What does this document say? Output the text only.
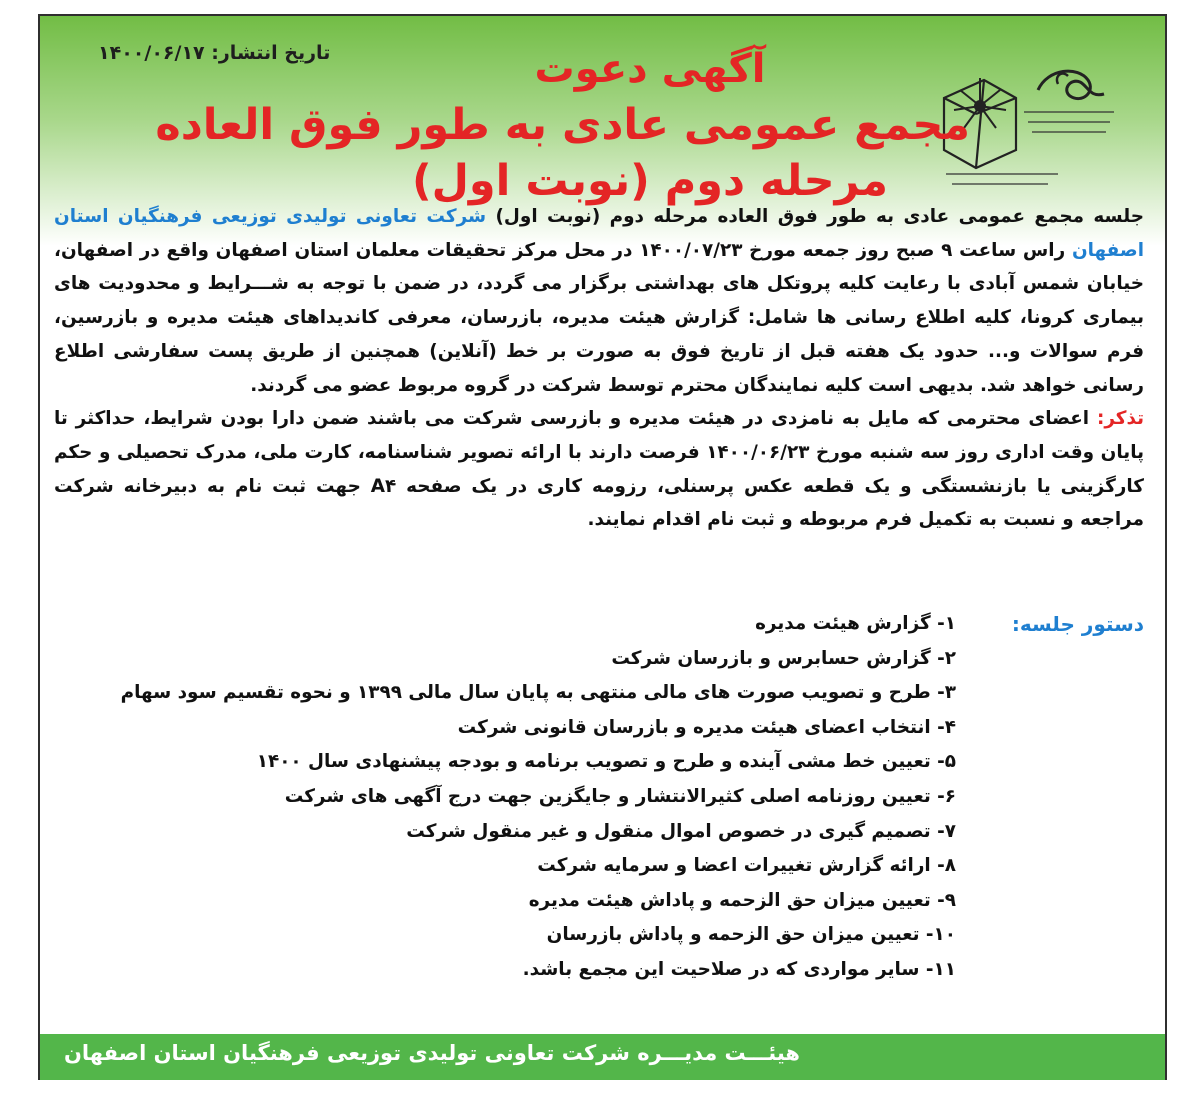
تاریخ انتشار: ۱۴۰۰/۰۶/۱۷	آگهی دعوت
مجمع عمومی عادی به طور فوق العاده
مرحله دوم (نوبت اول)

جلسه مجمع عمومی عادی به طور فوق العاده مرحله دوم (نوبت اول) شرکت تعاونی تولیدی توزیعی فرهنگیان استان اصفهان راس ساعت ۹ صبح روز جمعه مورخ ۱۴۰۰/۰۷/۲۳ در محل مرکز تحقیقات معلمان استان اصفهان واقع در اصفهان، خیابان شمس آبادی با رعایت کلیه پروتکل های بهداشتی برگزار می گردد، در ضمن با توجه به شـــرایط و محدودیت های بیماری کرونا، کلیه اطلاع رسانی ها شامل: گزارش هیئت مدیره، بازرسان، معرفی کاندیداهای هیئت مدیره و بازرسین، فرم سوالات و... حدود یک هفته قبل از تاریخ فوق به صورت بر خط (آنلاین) همچنین از طریق پست سفارشی اطلاع رسانی خواهد شد. بدیهی است کلیه نمایندگان محترم توسط شرکت در گروه مربوط عضو می گردند.
تذکر: اعضای محترمی که مایل به نامزدی در هیئت مدیره و بازرسی شرکت می باشند ضمن دارا بودن شرایط، حداکثر تا پایان وقت اداری روز سه شنبه مورخ ۱۴۰۰/۰۶/۲۳ فرصت دارند با ارائه تصویر شناسنامه، کارت ملی، مدرک تحصیلی و حکم کارگزینی یا بازنشستگی و یک قطعه عکس پرسنلی، رزومه کاری در یک صفحه A۴ جهت ثبت نام به دبیرخانه شرکت مراجعه و نسبت به تکمیل فرم مربوطه و ثبت نام اقدام نمایند.

دستور جلسه:
۱- گزارش هیئت مدیره
۲- گزارش حسابرس و بازرسان شرکت
۳- طرح و تصویب صورت های مالی منتهی به پایان سال مالی ۱۳۹۹ و نحوه تقسیم سود سهام
۴- انتخاب اعضای هیئت مدیره و بازرسان قانونی شرکت
۵- تعیین خط مشی آینده و طرح و تصویب برنامه و بودجه پیشنهادی سال ۱۴۰۰
۶- تعیین روزنامه اصلی کثیرالانتشار و جایگزین جهت درج آگهی های شرکت
۷- تصمیم گیری در خصوص اموال منقول و غیر منقول شرکت
۸- ارائه گزارش تغییرات اعضا و سرمایه شرکت
۹- تعیین میزان حق الزحمه و پاداش هیئت مدیره
۱۰- تعیین میزان حق الزحمه و پاداش بازرسان
۱۱- سایر مواردی که در صلاحیت این مجمع باشد.
هیئـــت مدیـــره شرکت تعاونی تولیدی توزیعی فرهنگیان استان اصفهان
